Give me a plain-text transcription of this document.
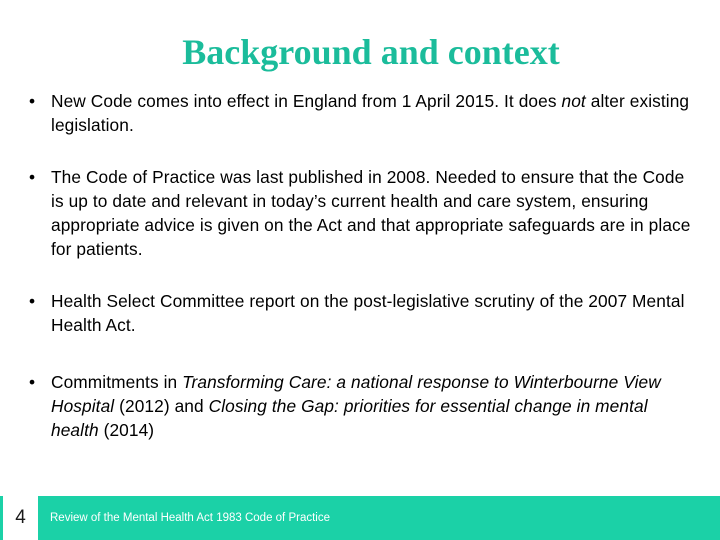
Background and context
• New Code comes into effect in England from 1 April 2015. It does not alter existing legislation.
• The Code of Practice was last published in 2008. Needed to ensure that the Code is up to date and relevant in today’s current health and care system, ensuring appropriate advice is given on the Act and that appropriate safeguards are in place for patients.
• Health Select Committee report on the post-legislative scrutiny of the 2007 Mental Health Act.
• Commitments in Transforming Care: a national response to Winterbourne View Hospital (2012) and Closing the Gap: priorities for essential change in mental health (2014)
4	Review of the Mental Health Act 1983 Code of Practice
